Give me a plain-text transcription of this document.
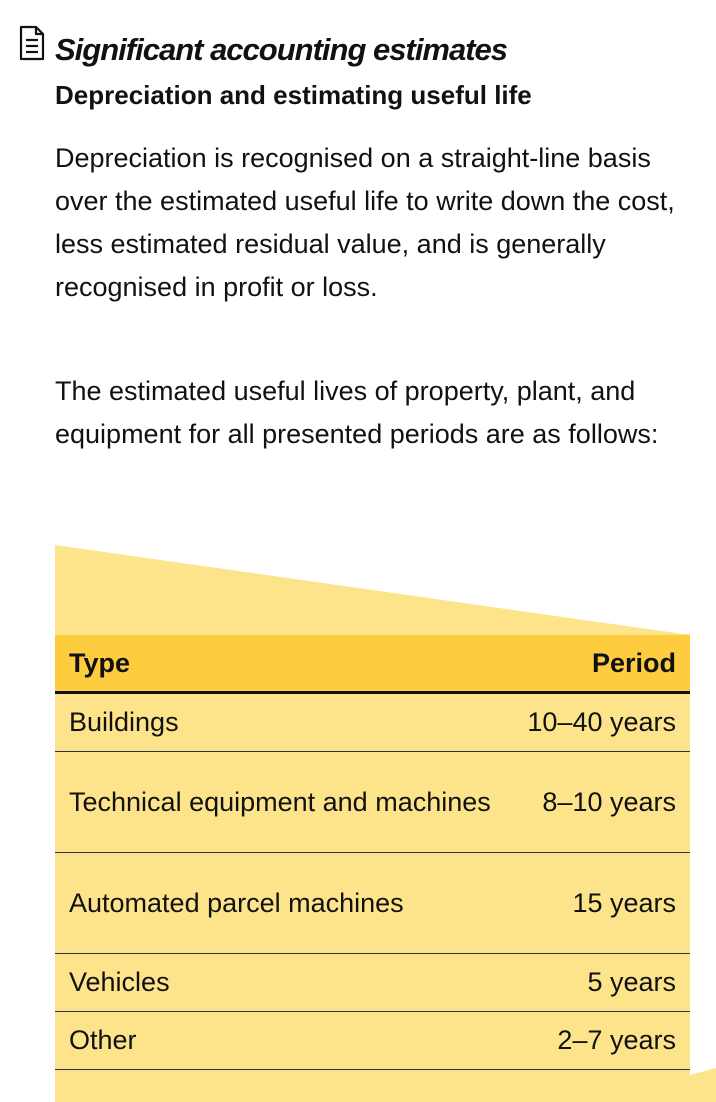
Significant accounting estimates
Depreciation and estimating useful life

Depreciation is recognised on a straight-line basis over the estimated useful life to write down the cost, less estimated residual value, and is generally recognised in profit or loss.

The estimated useful lives of property, plant, and equipment for all presented periods are as follows:

Type	Period
Buildings	10–40 years
Technical equipment and machines	8–10 years
Automated parcel machines	15 years
Vehicles	5 years
Other	2–7 years
